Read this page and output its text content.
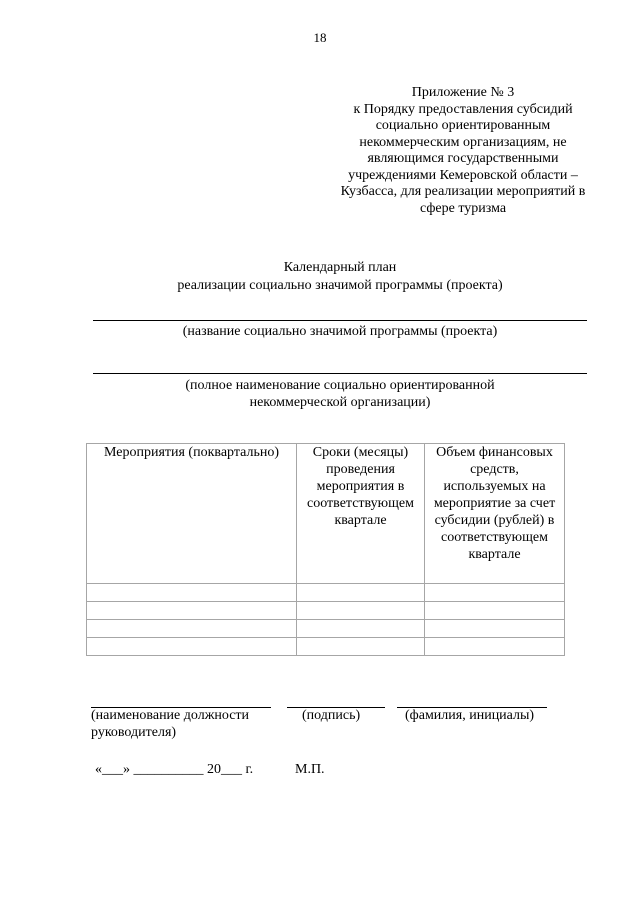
18
Приложение № 3
к Порядку предоставления субсидий
социально ориентированным
некоммерческим организациям, не
являющимся государственными
учреждениями Кемеровской области –
Кузбасса, для реализации мероприятий в
сфере туризма
Календарный план
реализации социально значимой программы (проекта)
(название социально значимой программы (проекта)
(полное наименование социально ориентированной
некоммерческой организации)
Мероприятия (поквартально)	Сроки (месяцы) проведения мероприятия в соответствующем квартале	Объем финансовых средств, используемых на мероприятие за счет субсидии (рублей) в соответствующем квартале

(наименование должности
руководителя)
(подпись)	(фамилия, инициалы)
«___» __________ 20___ г.	М.П.
